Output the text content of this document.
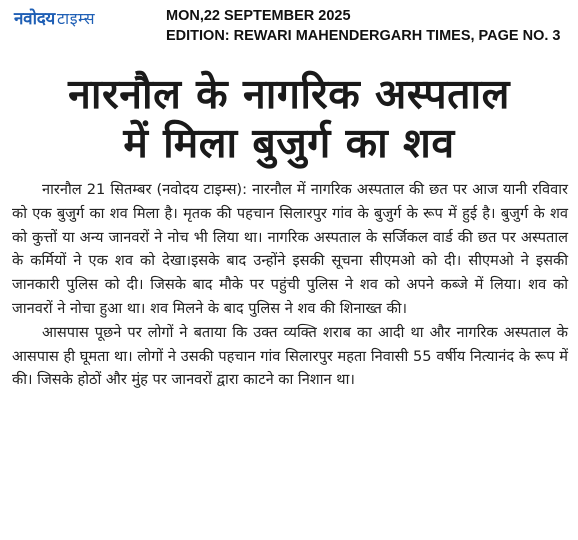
नवोदय टाइम्स	MON,22 SEPTEMBER 2025
EDITION: REWARI MAHENDERGARH TIMES, PAGE NO. 3
नारनौल के नागरिक अस्पताल
में मिला बुजुर्ग का शव

नारनौल 21 सितम्बर (नवोदय टाइम्स): नारनौल में नागरिक अस्पताल की छत पर आज यानी रविवार को एक बुजुर्ग का शव मिला है। मृतक की पहचान सिलारपुर गांव के बुजुर्ग के रूप में हुई है। बुजुर्ग के शव को कुत्तों या अन्य जानवरों ने नोच भी लिया था। नागरिक अस्पताल के सर्जिकल वार्ड की छत पर अस्पताल के कर्मियों ने एक शव को देखा।इसके बाद उन्होंने इसकी सूचना सीएमओ को दी। सीएमओ ने इसकी जानकारी पुलिस को दी। जिसके बाद मौके पर पहुंची पुलिस ने शव को अपने कब्जे में लिया। शव को जानवरों ने नोचा हुआ था। शव मिलने के बाद पुलिस ने शव की शिनाख्त की।

आसपास पूछने पर लोगों ने बताया कि उक्त व्यक्ति शराब का आदी था और नागरिक अस्पताल के आसपास ही घूमता था। लोगों ने उसकी पहचान गांव सिलारपुर महता निवासी 55 वर्षीय नित्यानंद के रूप में की। जिसके होठों और मुंह पर जानवरों द्वारा काटने का निशान था।
